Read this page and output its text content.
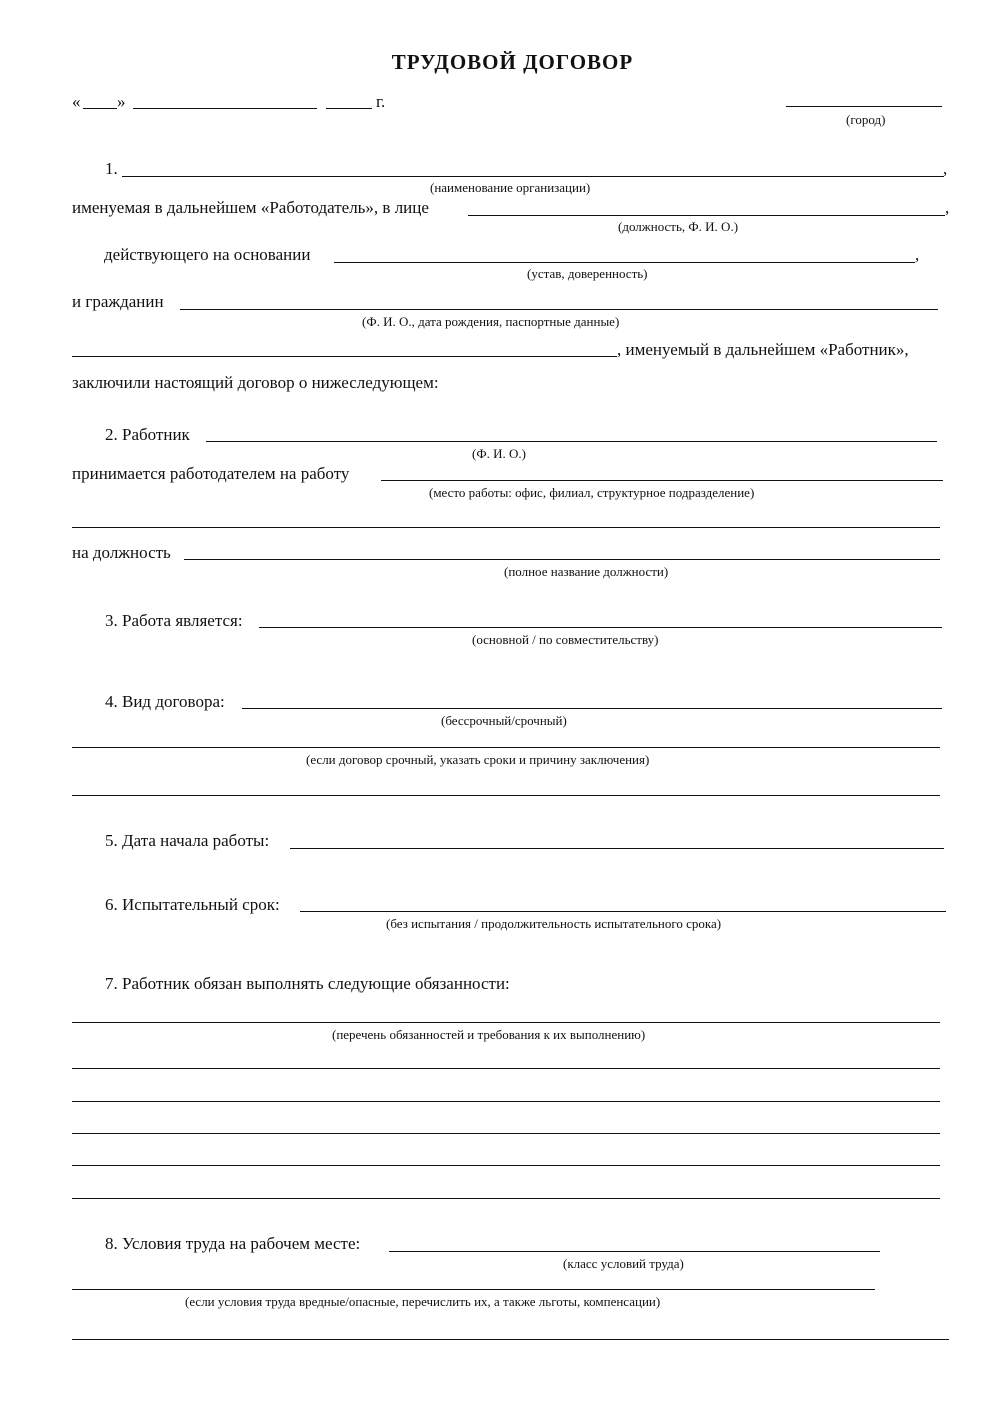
ТРУДОВОЙ ДОГОВОР
« »	г.
(город)
1.	,
(наименование организации)
именуемая в дальнейшем «Работодатель», в лице	,
(должность, Ф. И. О.)
действующего на основании	,
(устав, доверенность)
и гражданин
(Ф. И. О., дата рождения, паспортные данные)
, именуемый в дальнейшем «Работник»,
заключили настоящий договор о нижеследующем:
2. Работник
(Ф. И. О.)
принимается работодателем на работу
(место работы: офис, филиал, структурное подразделение)
на должность
(полное название должности)
3. Работа является:
(основной / по совместительству)
4. Вид договора:
(бессрочный/срочный)
(если договор срочный, указать сроки и причину заключения)
5. Дата начала работы:
6. Испытательный срок:
(без испытания / продолжительность испытательного срока)
7. Работник обязан выполнять следующие обязанности:
(перечень обязанностей и требования к их выполнению)
8. Условия труда на рабочем месте:
(класс условий труда)
(если условия труда вредные/опасные, перечислить их, а также льготы, компенсации)
